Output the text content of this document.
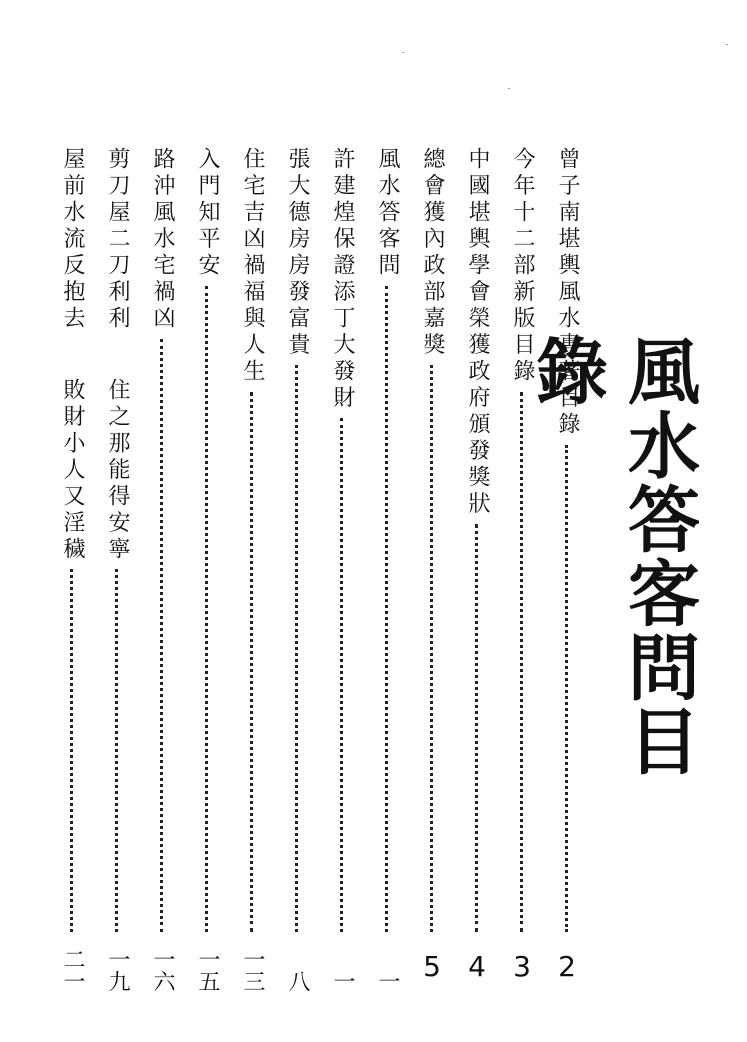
風水答客問目錄
曾子南堪輿風水專著目錄
2
今年十二部新版目錄
3
中國堪輿學會榮獲政府頒發獎狀
4
總會獲內政部嘉獎
5
風水答客問
一
許建煌保證添丁大發財
一
張大德房房發富貴
八
住宅吉凶禍福與人生
一三
入門知平安
一五
路沖風水宅禍凶
一六
剪刀屋二刀利利
住之那能得安寧
一九
屋前水流反抱去
敗財小人又淫穢
二一
